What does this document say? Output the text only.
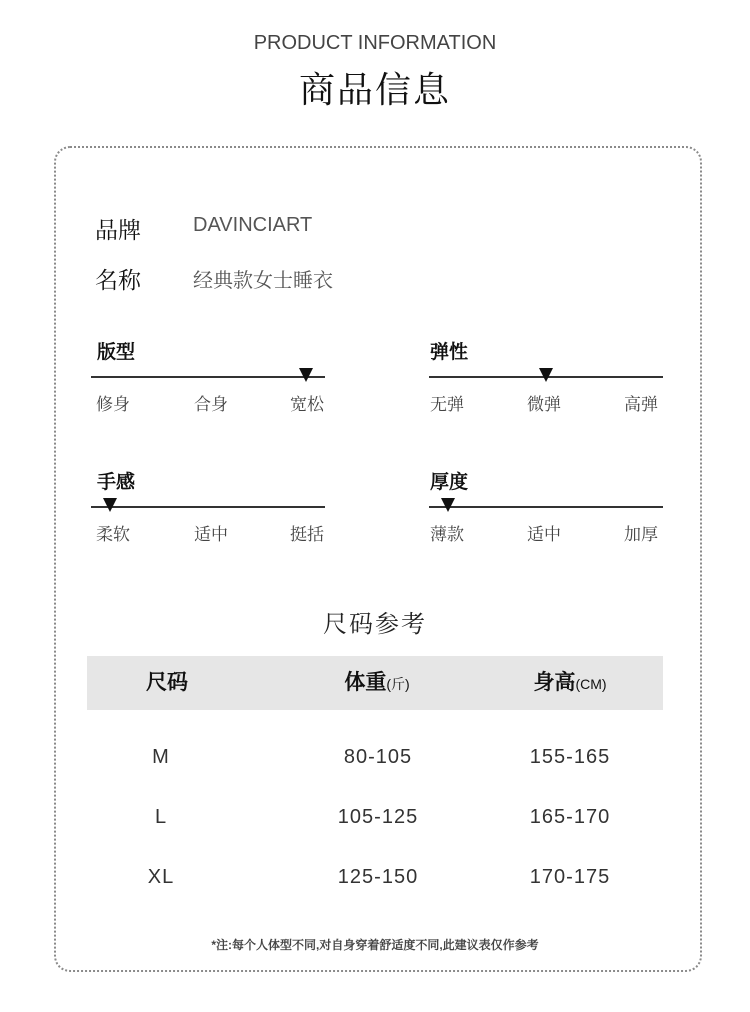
PRODUCT INFORMATION
商品信息
品牌	DAVINCIART
名称	经典款女士睡衣
版型
修身	合身	宽松
弹性
无弹	微弹	高弹
手感
柔软	适中	挺括
厚度
薄款	适中	加厚
尺码参考
尺码	体重(斤)	身高(CM)
M	80-105	155-165
L	105-125	165-170
XL	125-150	170-175
*注:每个人体型不同,对自身穿着舒适度不同,此建议表仅作参考
